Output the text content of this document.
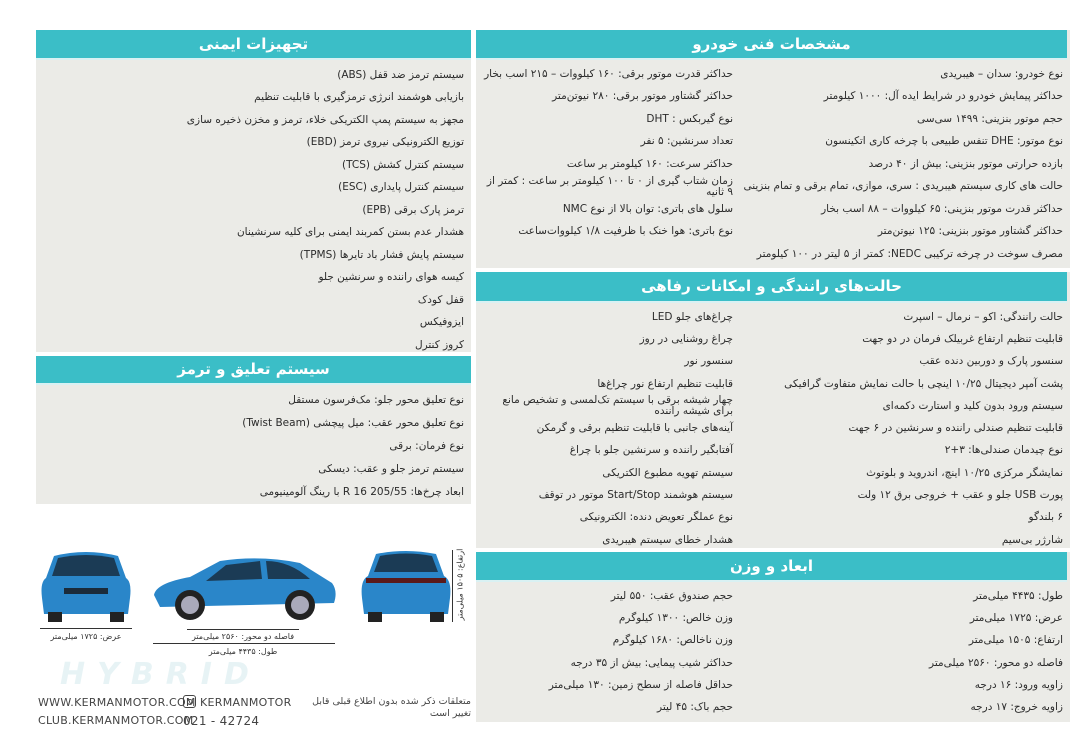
تجهیزات ایمنی
سیستم ترمز ضد قفل (ABS)
بازیابی هوشمند انرژی ترمزگیری با قابلیت تنظیم
مجهز به سیستم پمپ الکتریکی خلاء، ترمز و مخزن ذخیره سازی
توزیع الکترونیکی نیروی ترمز (EBD)
سیستم کنترل کشش (TCS)
سیستم کنترل پایداری (ESC)
ترمز پارک برقی (EPB)
هشدار عدم بستن کمربند ایمنی برای کلیه سرنشینان
سیستم پایش فشار باد تایرها (TPMS)
کیسه هوای راننده و سرنشین جلو
قفل کودک
ایزوفیکس
کروز کنترل
سیستم تعلیق و ترمز
نوع تعلیق محور جلو: مک‌فرسون مستقل
نوع تعلیق محور عقب: میل پیچشی (Twist Beam)
نوع فرمان: برقی
سیستم ترمز جلو و عقب: دیسکی
ابعاد چرخ‌ها: 205/55 R 16 با رینگ آلومینیومی
مشخصات فنی خودرو
نوع خودرو: سدان – هیبریدی
حداکثر پیمایش خودرو در شرایط ایده آل: ۱۰۰۰ کیلومتر
حجم موتور بنزینی: ۱۴۹۹ سی‌سی
نوع موتور: DHE تنفس طبیعی با چرخه کاری اتکینسون
بازده حرارتی موتور بنزینی: بیش از ۴۰ درصد
حالت های کاری سیستم هیبریدی : سری، موازی، تمام برقی و تمام بنزینی
حداکثر قدرت موتور بنزینی: ۶۵ کیلووات – ۸۸ اسب بخار
حداکثر گشتاور موتور بنزینی: ۱۲۵ نیوتن‌متر
مصرف سوخت در چرخه ترکیبی NEDC: کمتر از ۵ لیتر در ۱۰۰ کیلومتر
حداکثر قدرت موتور برقی: ۱۶۰ کیلووات – ۲۱۵ اسب بخار
حداکثر گشتاور موتور برقی: ۲۸۰ نیوتن‌متر
نوع گیربکس : DHT
تعداد سرنشین: ۵ نفر
حداکثر سرعت: ۱۶۰ کیلومتر بر ساعت
زمان شتاب گیری از ۰ تا ۱۰۰ کیلومتر بر ساعت : کمتر از ۹ ثانیه
سلول های باتری: توان بالا از نوع NMC
نوع باتری: هوا خنک با ظرفیت ۱/۸ کیلووات‌ساعت
حالت‌های رانندگی و امکانات رفاهی
حالت رانندگی: اکو – نرمال – اسپرت
قابلیت تنظیم ارتفاع غربیلک فرمان در دو جهت
سنسور پارک و دوربین دنده عقب
پشت آمپر دیجیتال ۱۰/۲۵ اینچی با حالت نمایش متفاوت گرافیکی
سیستم ورود بدون کلید و استارت دکمه‌ای
قابلیت تنظیم صندلی راننده و سرنشین در ۶ جهت
نوع چیدمان صندلی‌ها: ۳+۲
نمایشگر مرکزی ۱۰/۲۵ اینچ، اندروید و بلوتوث
پورت USB جلو و عقب + خروجی برق ۱۲ ولت
۶ بلندگو
شارژر بی‌سیم
چراغ‌های جلو LED
چراغ روشنایی در روز
سنسور نور
قابلیت تنظیم ارتفاع نور چراغ‌ها
چهار شیشه برقی با سیستم تک‌لمسی و تشخیص مانع برای شیشه راننده
آینه‌های جانبی با قابلیت تنظیم برقی و گرمکن
آفتابگیر راننده و سرنشین جلو با چراغ
سیستم تهویه مطبوع الکتریکی
سیستم هوشمند Start/Stop موتور در توقف
نوع عملگر تعویض دنده: الکترونیکی
هشدار خطای سیستم هیبریدی
ابعاد و وزن
طول: ۴۴۳۵ میلی‌متر
عرض: ۱۷۲۵ میلی‌متر
ارتفاع: ۱۵۰۵ میلی‌متر
فاصله دو محور: ۲۵۶۰ میلی‌متر
زاویه ورود: ۱۶ درجه
زاویه خروج: ۱۷ درجه
حجم صندوق عقب: ۵۵۰ لیتر
وزن خالص: ۱۳۰۰ کیلوگرم
وزن ناخالص: ۱۶۸۰ کیلوگرم
حداکثر شیب پیمایی: بیش از ۳۵ درجه
حداقل فاصله از سطح زمین: ۱۳۰ میلی‌متر
حجم باک: ۴۵ لیتر
HYBRID
عرض: ۱۷۲۵ میلی‌متر	فاصله دو محور: ۲۵۶۰ میلی‌متر
طول: ۴۴۳۵ میلی‌متر
ارتفاع: ۱۵۰۵ میلی‌متر
WWW.KERMANMOTOR.COM
CLUB.KERMANMOTOR.COM
KERMANMOTOR
021 - 42724
متعلقات ذکر شده بدون اطلاع قبلی قابل تغییر است
